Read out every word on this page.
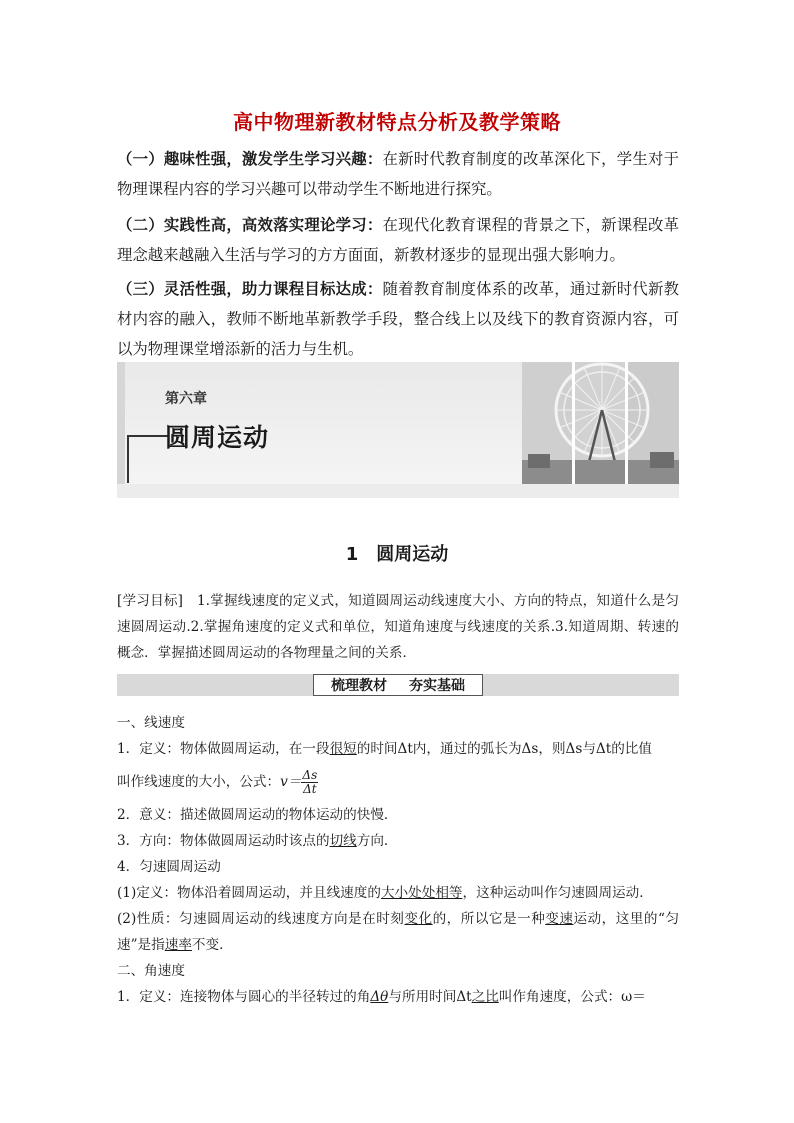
高中物理新教材特点分析及教学策略

（一）趣味性强，激发学生学习兴趣：在新时代教育制度的改革深化下，学生对于物理课程内容的学习兴趣可以带动学生不断地进行探究。

（二）实践性高，高效落实理论学习：在现代化教育课程的背景之下，新课程改革理念越来越融入生活与学习的方方面面，新教材逐步的显现出强大影响力。

（三）灵活性强，助力课程目标达成：随着教育制度体系的改革，通过新时代新教材内容的融入，教师不断地革新教学手段，整合线上以及线下的教育资源内容，可以为物理课堂增添新的活力与生机。

第六章
圆周运动
1　圆周运动

[学习目标]　1.掌握线速度的定义式，知道圆周运动线速度大小、方向的特点，知道什么是匀速圆周运动.2.掌握角速度的定义式和单位，知道角速度与线速度的关系.3.知道周期、转速的概念．掌握描述圆周运动的各物理量之间的关系．

梳理教材 夯实基础

一、线速度

1．定义：物体做圆周运动，在一段很短的时间Δt内，通过的弧长为Δs，则Δs与Δt的比值

叫作线速度的大小，公式：$v= \frac{\Delta s}{\Delta t}$

2．意义：描述做圆周运动的物体运动的快慢．

3．方向：物体做圆周运动时该点的切线方向．

4．匀速圆周运动

(1)定义：物体沿着圆周运动，并且线速度的大小处处相等，这种运动叫作匀速圆周运动．

(2)性质：匀速圆周运动的线速度方向是在时刻变化的，所以它是一种变速运动，这里的“匀速”是指速率不变．

二、角速度

1．定义：连接物体与圆心的半径转过的角Δθ与所用时间Δt之比叫作角速度，公式：ω＝
